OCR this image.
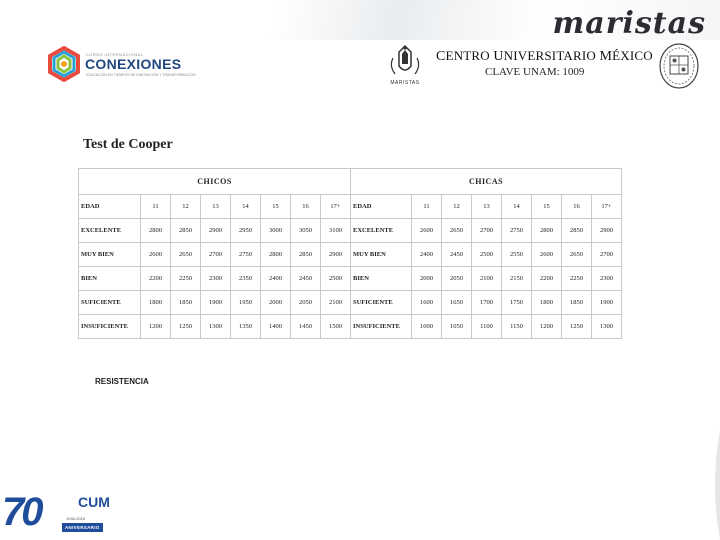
maristas
CURSO INTERNACIONAL
CONEXIONES
EDUCACIÓN EN TIEMPOS DE INNOVACIÓN Y TRANSFORMACIÓN
MARISTAS
CENTRO UNIVERSITARIO MÉXICO
CLAVE UNAM: 1009
Test de Cooper
CHICOS								CHICAS							
EDAD	11	12	13	14	15	16	17+	EDAD	11	12	13	14	15	16	17+
EXCELENTE	2800	2850	2900	2950	3000	3050	3100	EXCELENTE	2600	2650	2700	2750	2800	2850	2900
MUY BIEN	2600	2650	2700	2750	2800	2850	2900	MUY BIEN	2400	2450	2500	2550	2600	2650	2700
BIEN	2200	2250	2300	2350	2400	2450	2500	BIEN	2000	2050	2100	2150	2200	2250	2300
SUFICIENTE	1800	1850	1900	1950	2000	2050	2100	SUFICIENTE	1600	1650	1700	1750	1800	1850	1900
INSUFICIENTE	1200	1250	1300	1350	1400	1450	1500	INSUFICIENTE	1000	1050	1100	1150	1200	1250	1300
RESISTENCIA
70	CUM
1946-2016
ANIVERSARIO
